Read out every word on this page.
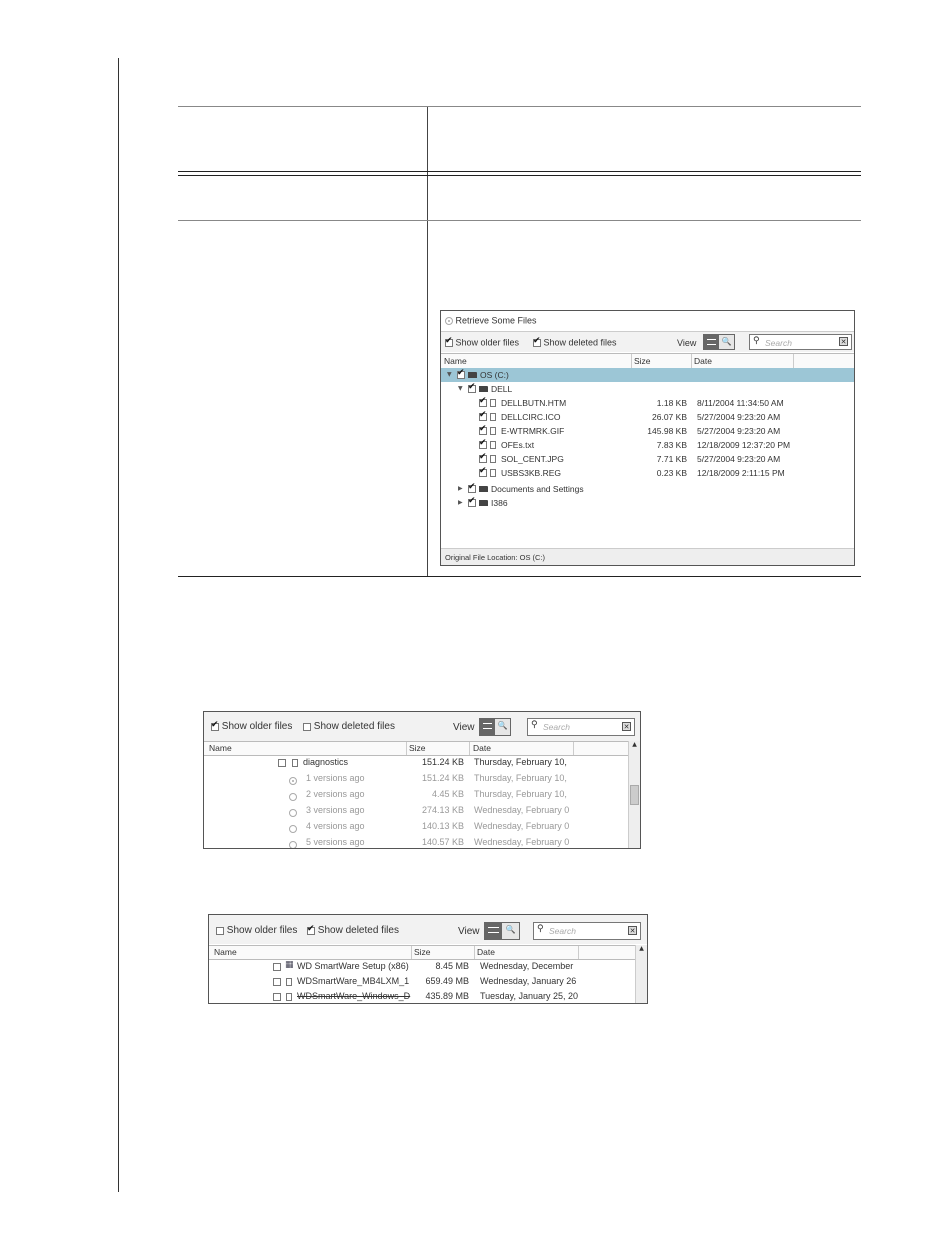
Retrieve Some Files
✔ Show older files ✔	Show deleted files	View	🔍 ⚲ Search	✕
Name	Size	Date
▼ ✔	OS (C:)
▼ ✔	DELL
✔
DELLBUTN.HTM	1.18 KB 8/11/2004 11:34:50 AM
✔
DELLCIRC.ICO	26.07 KB 5/27/2004 9:23:20 AM
✔
E-WTRMRK.GIF	145.98 KB 5/27/2004 9:23:20 AM
✔
OFEs.txt	7.83 KB 12/18/2009 12:37:20 PM
✔
SOL_CENT.JPG	7.71 KB 5/27/2004 9:23:20 AM
✔
USBS3KB.REG	0.23 KB 12/18/2009 2:11:15 PM
▶ ✔	Documents and Settings
▶ ✔	I386
Original File Location: OS (C:)
✔ Show older files	Show deleted files	View	🔍	⚲ Search	✕
Name	Size	Date
diagnostics	151.24 KB Thursday, February 10,
1 versions ago	151.24 KB Thursday, February 10,
2 versions ago	4.45 KB Thursday, February 10,
3 versions ago	274.13 KB Wednesday, February 0
4 versions ago	140.13 KB Wednesday, February 0
5 versions ago	140.57 KB Wednesday, February 0
▲
Show older files ✔	Show deleted files	View	🔍	⚲ Search	✕
Name	Size	Date
▦ WD SmartWare Setup (x86)	8.45 MB Wednesday, December
WDSmartWare_MB4LXM_1 659.49 MB Wednesday, January 26
WDSmartWare_Windows_D 435.89 MB Tuesday, January 25, 20
▲
